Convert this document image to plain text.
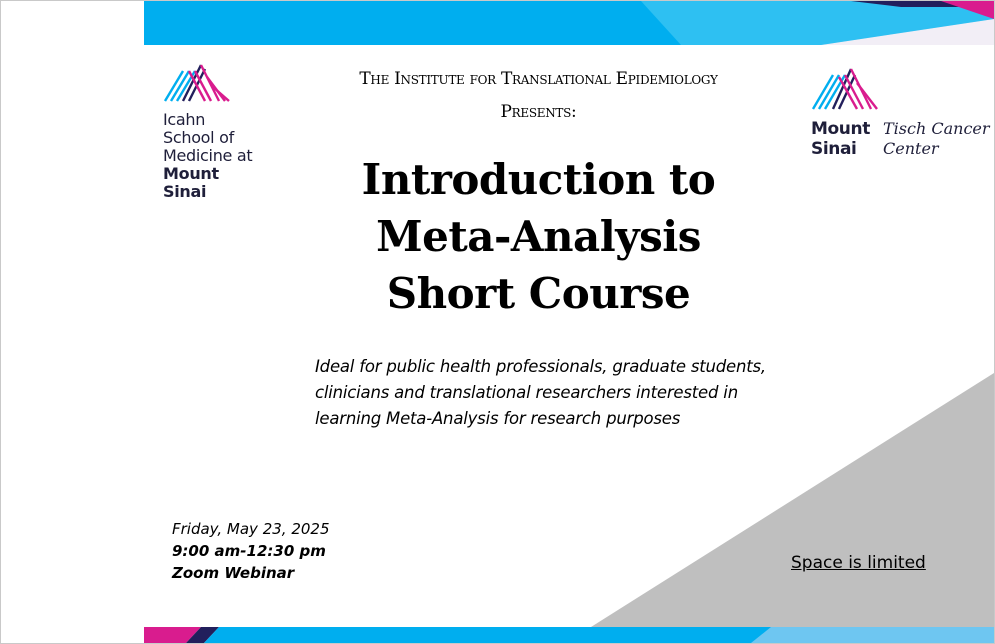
Icahn
School of
Medicine at
Mount
Sinai
Mount
Sinai
Tisch Cancer
Center
The Institute for Translational Epidemiology
Presents:
Introduction to
Meta-Analysis
Short Course
Ideal for public health professionals, graduate students,
clinicians and translational researchers interested in
learning Meta-Analysis for research purposes
Friday, May 23, 2025
9:00 am-12:30 pm
Zoom Webinar	Space is limited
